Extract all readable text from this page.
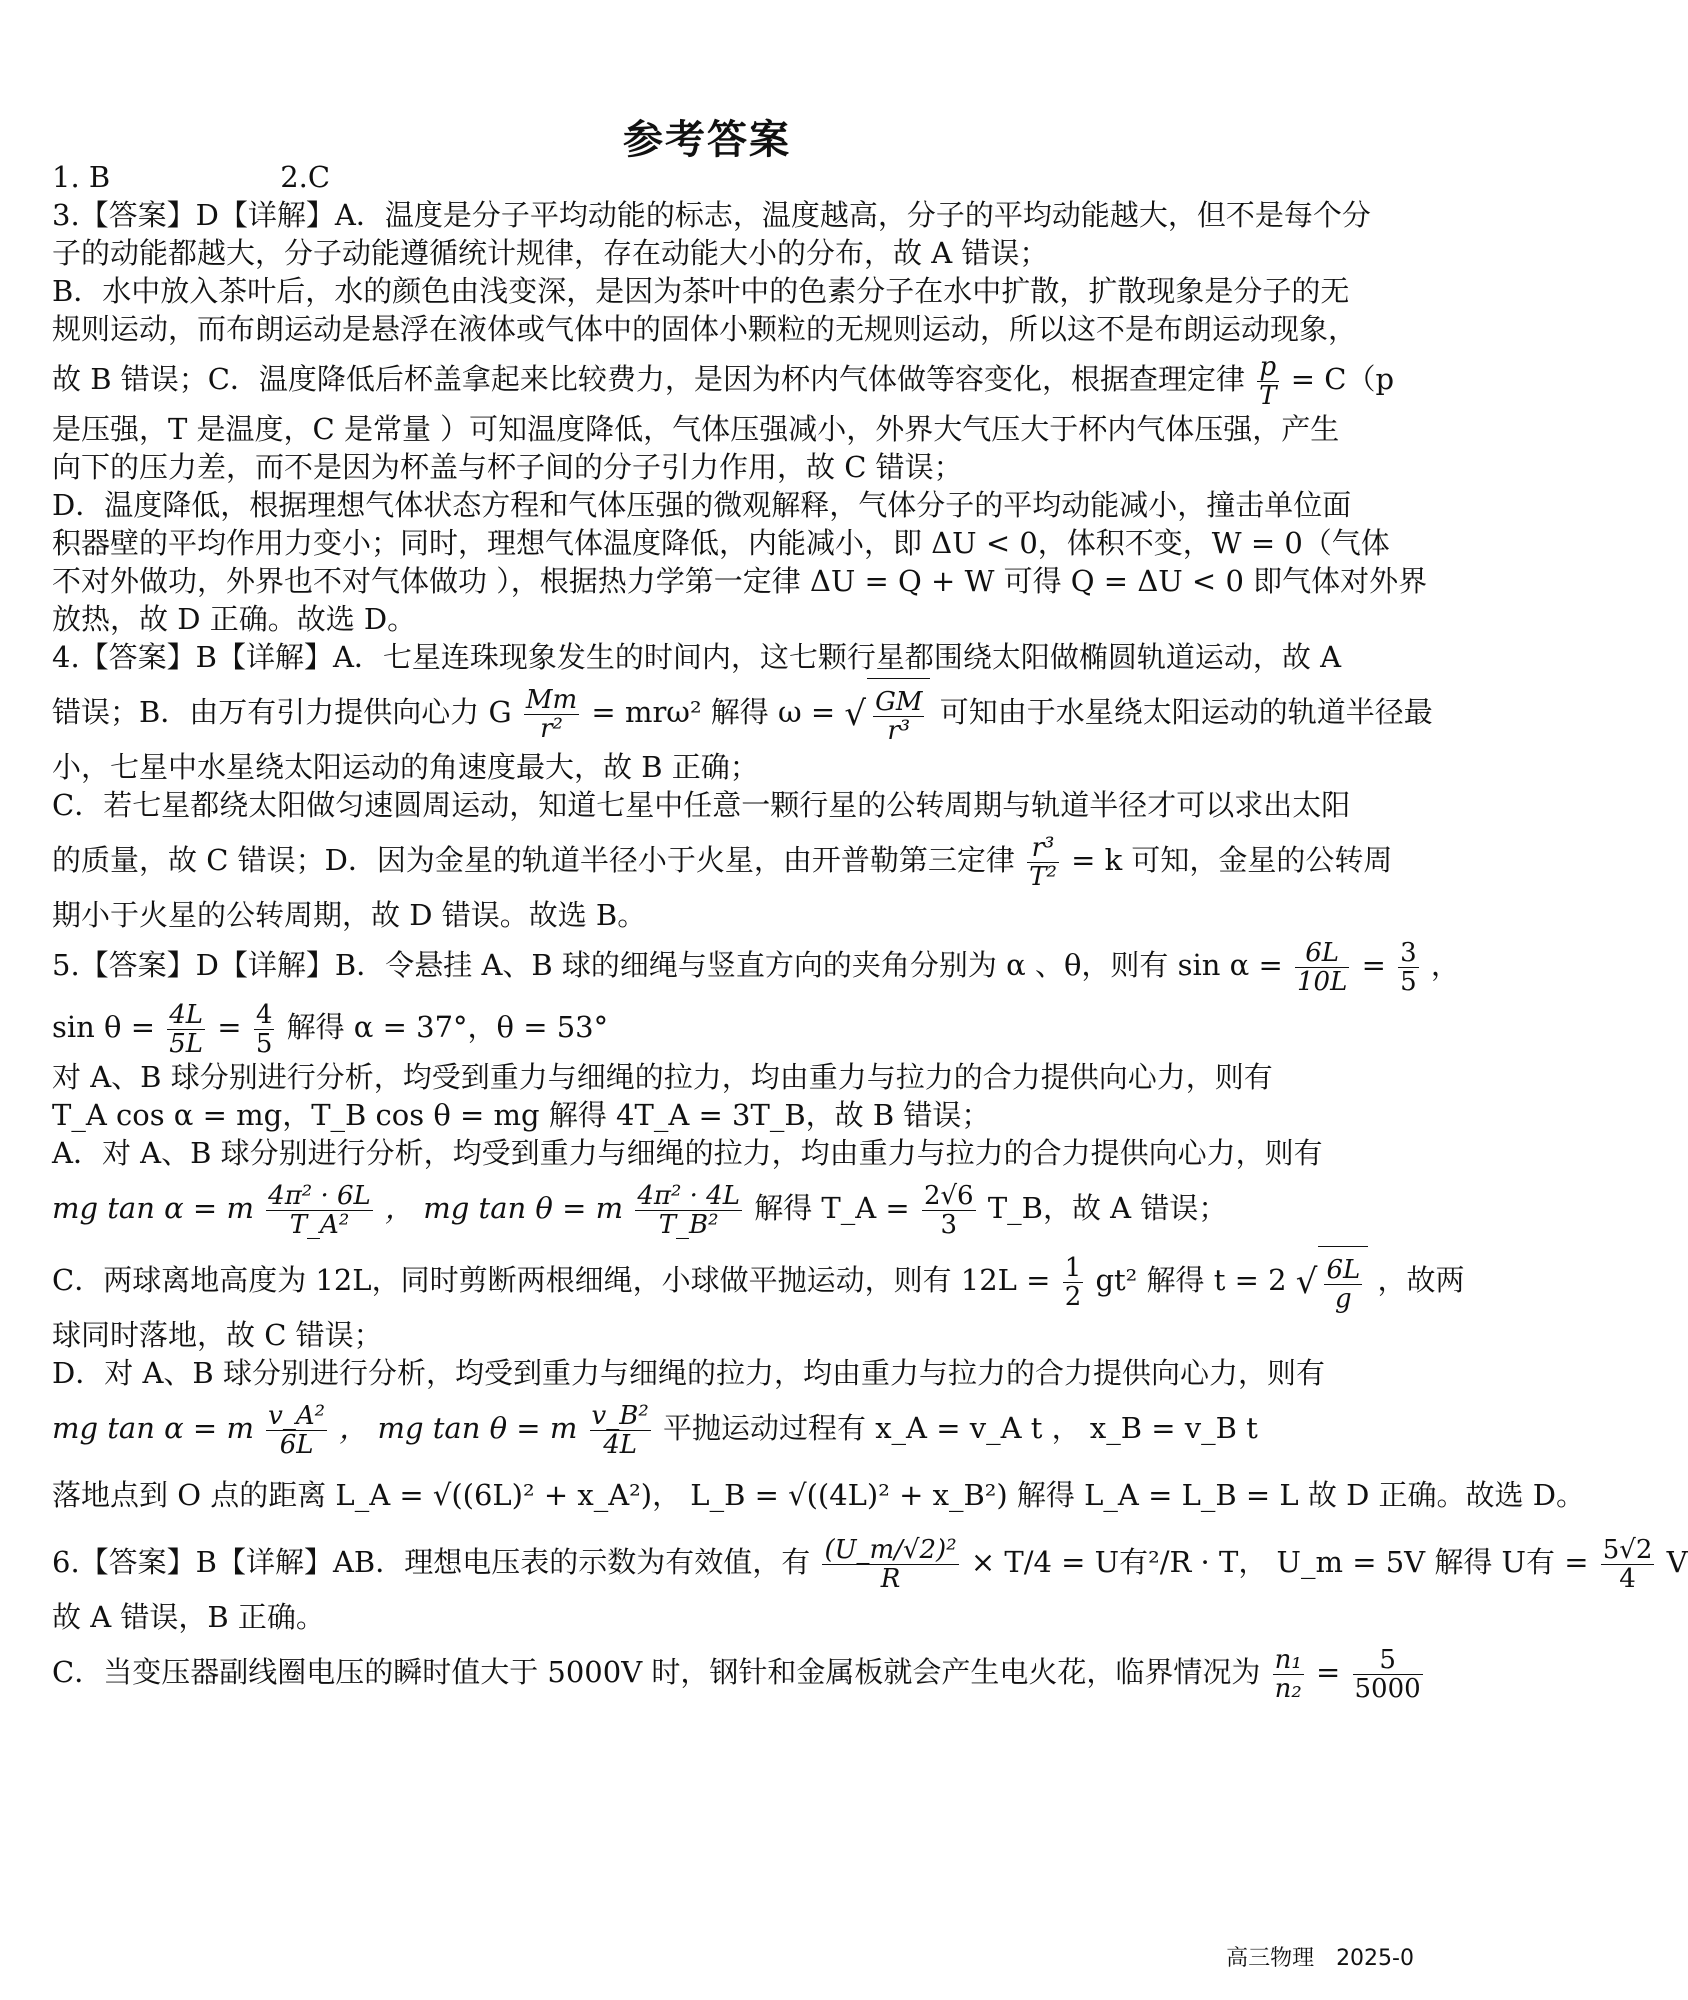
参考答案
1. B	2.C
3.【答案】D【详解】A．温度是分子平均动能的标志，温度越高，分子的平均动能越大，但不是每个分
子的动能都越大，分子动能遵循统计规律，存在动能大小的分布，故 A 错误；
B．水中放入茶叶后，水的颜色由浅变深，是因为茶叶中的色素分子在水中扩散，扩散现象是分子的无
规则运动，而布朗运动是悬浮在液体或气体中的固体小颗粒的无规则运动，所以这不是布朗运动现象，
故 B 错误；C．温度降低后杯盖拿起来比较费力，是因为杯内气体做等容变化，根据查理定律 $\frac{p}{T} = C(p$
是压强，T 是温度，C 是常量 ）可知温度降低，气体压强减小，外界大气压大于杯内气体压强，产生
向下的压力差，而不是因为杯盖与杯子间的分子引力作用，故 C 错误；
D．温度降低，根据理想气体状态方程和气体压强的微观解释，气体分子的平均动能减小，撞击单位面
积器壁的平均作用力变小；同时，理想气体温度降低，内能减小，即 ΔU < 0，体积不变，W = 0（气体
不对外做功，外界也不对气体做功 ），根据热力学第一定律 ΔU = Q + W 可得 Q = ΔU < 0 即气体对外界
放热，故 D 正确。故选 D。
4.【答案】B【详解】A．七星连珠现象发生的时间内，这七颗行星都围绕太阳做椭圆轨道运动，故 A
错误；B．由万有引力提供向心力 G $\frac{Mm}{\text{r²}} = mr\omega^2$ 解得 ω = √ $\frac{GM}{\text{r³}}$ 可知由于水星绕太阳运动的轨道半径最
小，七星中水星绕太阳运动的角速度最大，故 B 正确；
C．若七星都绕太阳做匀速圆周运动，知道七星中任意一颗行星的公转周期与轨道半径才可以求出太阳
的质量，故 C 错误；D．因为金星的轨道半径小于火星，由开普勒第三定律 $\frac{\text{r³}}{\text{T²}} = k$ 可知，金星的公转周
期小于火星的公转周期，故 D 错误。故选 B。
5.【答案】D【详解】B．令悬挂 A、B 球的细绳与竖直方向的夹角分别为 α 、θ，则有 $\sin \alpha = \frac{6L}{10L} = \frac{3}{5}$ ，
$\sin \theta = \frac{4L}{5L} = \frac{4}{5}$ 解得 α = 37°，θ = 53°
对 A、B 球分别进行分析，均受到重力与细绳的拉力，均由重力与拉力的合力提供向心力，则有
T_A cos α = mg，T_B cos θ = mg 解得 4T_A = 3T_B，故 B 错误；
A．对 A、B 球分别进行分析，均受到重力与细绳的拉力，均由重力与拉力的合力提供向心力，则有
mg tan α = m $\frac{\text{4π² · 6L}}{\text{T\_A²}}$ ， mg tan θ = m $\frac{\text{4π² · 4L}}{\text{T\_B²}}$ 解得 T_A = $\frac{2√6}{3}$ T_B，故 A 错误；
C．两球离地高度为 12L，同时剪断两根细绳，小球做平抛运动，则有 $12L = \frac{1}{2} gt^2$ 解得 t = 2 √ $\frac{6L}{g}$ ，故两
球同时落地，故 C 错误；
D．对 A、B 球分别进行分析，均受到重力与细绳的拉力，均由重力与拉力的合力提供向心力，则有
mg tan α = m $\frac{\text{v\_A²}}{6L}$ ， mg tan θ = m $\frac{\text{v\_B²}}{4L}$ 平抛运动过程有 x_A = v_A t ， x_B = v_B t
落地点到 O 点的距离 L_A = √((6L)² + x_A²)， L_B = √((4L)² + x_B²) 解得 L_A = L_B = L 故 D 正确。故选 D。
6.【答案】B【详解】AB．理想电压表的示数为有效值，有 $\frac{\text{(U\_m/√2)²}}{R} \times T/4 = U$有²/R · T， U_m = 5V 解得 U有 = $\frac{5√2}{4}$ V
故 A 错误，B 正确。
C．当变压器副线圈电压的瞬时值大于 5000V 时，钢针和金属板就会产生电火花，临界情况为 $\frac{\text{n₁}}{\text{n₂}} = \frac{5}{5000}$
高三物理　2025-0
